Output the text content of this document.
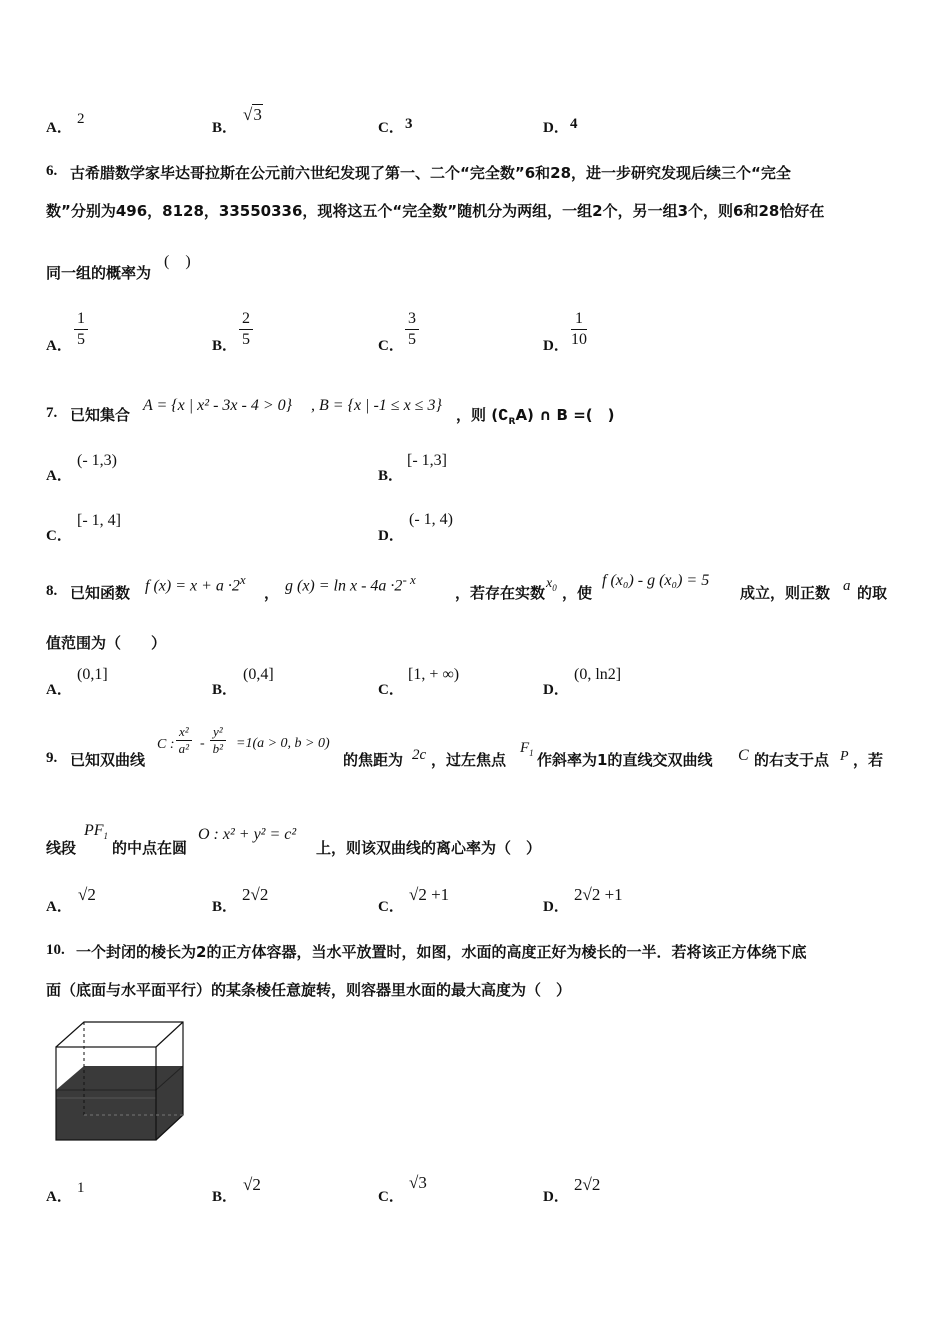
A．
2
B．
√3
C． 3	D． 4
6. 古希腊数学家毕达哥拉斯在公元前六世纪发现了第一、二个“完全数”6和28，进一步研究发现后续三个“完全
数”分别为496，8128，33550336，现将这五个“完全数”随机分为两组，一组2个，另一组3个，则6和28恰好在
同一组的概率为
(　)
A． $\frac{1}{5}$	B． $\frac{2}{5}$	C． $\frac{3}{5}$	D． $\frac{1}{10}$
7. 已知集合
A = {x | x² - 3x - 4 > 0} , B = {x | -1 ≤ x ≤ 3}
，则 $(∁_RA)$ ∩ B =(　)
A．
(- 1,3)
B．
[- 1,3]
C．
[- 1, 4]
D．
(- 1, 4)
8. 已知函数 f $(x) = x + a \cdot 2^x$
， g $(x) = \ln x - 4a \cdot 2^{- x}$
，若存在实数
$x_0$ ，使
f (x₀) - g (x₀) = 5
成立，则正数 a 的取
值范围为（　　）
A．
(0,1]
B．
(0,4]
C．
[1, + ∞)
D．
(0, ln2]
9. 已知双曲线
C : $\frac{\text{x²}}{\text{a²}} - \frac{\text{y²}}{\text{b²}} =1(a > 0$, b > 0)
的焦距为 2c ，过左焦点
$F_1$ 作斜率为1的直线交双曲线 C 的右支于点 P ，若
线段
$PF_1$
的中点在圆
O : x² + y² = c²
上，则该双曲线的离心率为（　）
A．
√2
B．
2√2
C．
√2 +1
D．
2√2 +1
10. 一个封闭的棱长为2的正方体容器，当水平放置时，如图，水面的高度正好为棱长的一半．若将该正方体绕下底
面（底面与水平面平行）的某条棱任意旋转，则容器里水面的最大高度为（　）
A．
1
B．
√2
C．
√3
D．
2√2
